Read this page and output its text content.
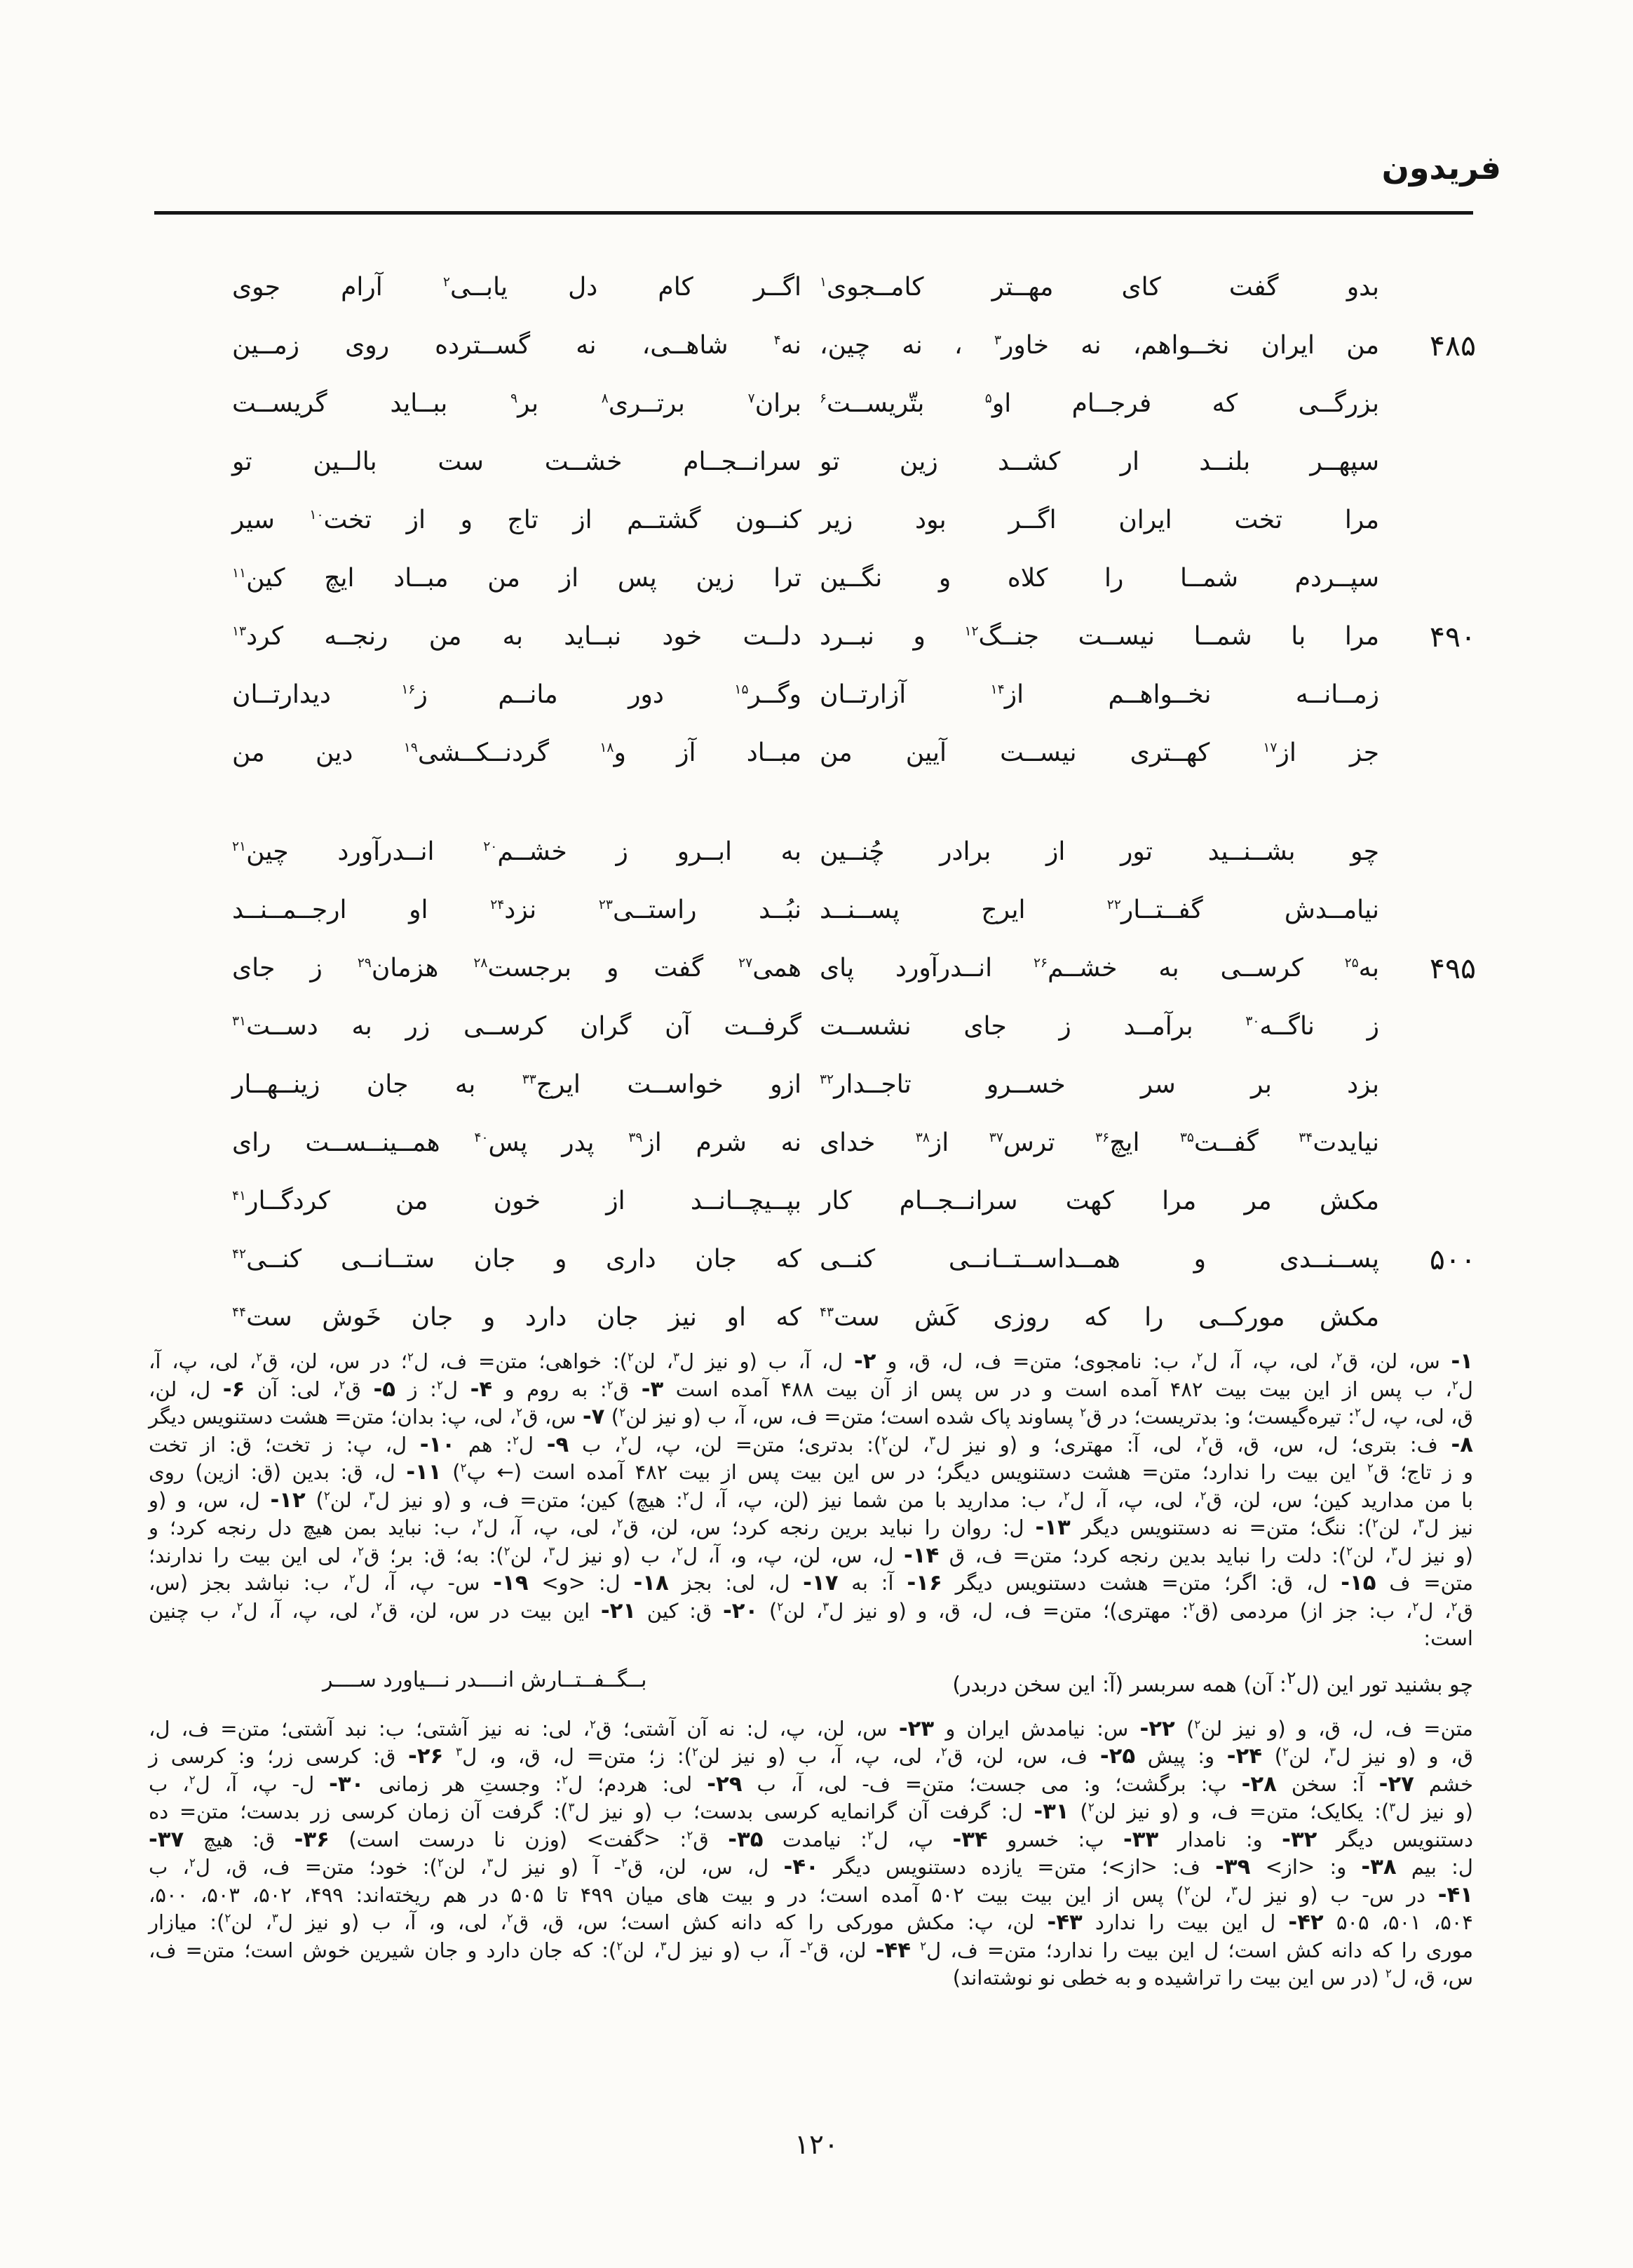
فریدون
بدو گفت کای مهــتر کامــجوی$^۱$
اگــر کام دل یابــی$^۲$ آرام جوی
۴۸۵
من ایران نخــواهم، نه خاور$^۳$ ، نه چین،
نه$^۴$ شاهــی، نه گســترده روی زمــین
بزرگــی که فرجــام او$^۵$ بتّریســت$^۶$
بران$^۷$ برتــری$^۸$ بر$^۹$ ببــاید گریســت
سپهــر بلنــد ار کشــد زین تو
سرانــجــام خشــت ست بالــین تو
مرا تخت ایران اگــر بود زیر
کنــون گشتــم از تاج و از تخت$^{۱۰}$ سیر
سپــردم شمــا را کلاه و نگــین
ترا زین پس از من مبــاد ایچ کین$^{۱۱}$
۴۹۰
مرا با شمــا نیســت جنــگ$^{۱۲}$ و نبــرد
دلــت خود نبــاید به من رنجــه کرد$^{۱۳}$
زمــانــه نخــواهــم از$^{۱۴}$ آزارتــان
وگــر$^{۱۵}$ دور مانــم ز$^{۱۶}$ دیدارتــان
جز از$^{۱۷}$ کهــتری نیســت آیین من
مبــاد آز و$^{۱۸}$ گردنــکــشی$^{۱۹}$ دین من
چو بشــنــید تور از برادر چُنــین
به ابــرو ز خشــم$^{۲۰}$ انــدرآورد چین$^{۲۱}$
نیامــدش گفــتــار$^{۲۲}$ ایرج پســنــد
نبُــد راستــی$^{۲۳}$ نزد$^{۲۴}$ او ارجــمــنــد
۴۹۵
به$^{۲۵}$ کرســی به خشــم$^{۲۶}$ انــدرآورد پای
همی$^{۲۷}$ گفت و برجست$^{۲۸}$ هزمان$^{۲۹}$ ز جای
ز ناگــه$^{۳۰}$ برآمــد ز جای نشســت
گرفــت آن گران کرســی زر به دســت$^{۳۱}$
بزد بر سر خســرو تاجــدار$^{۳۲}$
ازو خواســت ایرج$^{۳۳}$ به جان زینــهــار
نیایدت$^{۳۴}$ گفــت$^{۳۵}$ ایچ$^{۳۶}$ ترس$^{۳۷}$ از$^{۳۸}$ خدای
نه شرم از$^{۳۹}$ پدر پس$^{۴۰}$ همــینــســت رای
مکش مر مرا کهت سرانــجــام کار
بپــیچــانــد از خون من کردگــار$^{۴۱}$
۵۰۰
پســنــدی و همــداســتــانــی کنــی
که جان داری و جان ستــانــی کنــی$^{۴۲}$
مکش مورکــی را که روزی کَش ست$^{۴۳}$
که او نیز جان دارد و جان خَوش ست$^{۴۴}$
۱- س، لن، ق$^۲$، لی، پ، آ، ل$^۲$، ب: نامجوی؛ متن= ف، ل، ق، و ۲- ل، آ، ب (و نیز ل$^۳$، لن$^۲$): خواهی؛ متن= ف، ل$^۲$؛ در س، لن، ق$^۲$، لی، پ، آ،
ل$^۲$، ب پس از این بیت بیت ۴۸۲ آمده است و در س پس از آن بیت ۴۸۸ آمده است ۳- ق$^۲$: به روم و ۴- ل$^۲$: ز ۵- ق$^۲$، لی: آن ۶- ل، لن،
ق، لی، پ، ل$^۲$: تیره‌گیست؛ و: بدتریست؛ در ق$^۲$ پساوند پاک شده است؛ متن= ف، س، آ، ب (و نیز لن$^۲$) ۷- س، ق$^۲$، لی، پ: بدان؛ متن= هشت دستنویس دیگر
۸- ف: بتری؛ ل، س، ق، ق$^۲$، لی، آ: مهتری؛ و (و نیز ل$^۳$، لن$^۲$): بدتری؛ متن= لن، پ، ل$^۲$، ب ۹- ل$^۲$: هم ۱۰- ل، پ: ز تخت؛ ق: از تخت
و ز تاج؛ ق$^۲$ این بیت را ندارد؛ متن= هشت دستنویس دیگر؛ در س این بیت پس از بیت ۴۸۲ آمده است (← پ$^۲$) ۱۱- ل، ق: بدین (ق: ازین) روی
با من مدارید کین؛ س، لن، ق$^۲$، لی، پ، آ، ل$^۲$، ب: مدارید با من شما نیز (لن، پ، آ، ل$^۲$: هیچ) کین؛ متن= ف، و (و نیز ل$^۳$، لن$^۲$) ۱۲- ل، س، و (و
نیز ل$^۳$، لن$^۲$): ننگ؛ متن= نه دستنویس دیگر ۱۳- ل: روان را نباید برین رنجه کرد؛ س، لن، ق$^۲$، لی، پ، آ، ل$^۲$، ب: نباید بمن هیچ دل رنجه کرد؛ و
(و نیز ل$^۳$، لن$^۲$): دلت را نباید بدین رنجه کرد؛ متن= ف، ق ۱۴- ل، س، لن، پ، و، آ، ل$^۲$، ب (و نیز ل$^۳$، لن$^۲$): به؛ ق: بر؛ ق$^۲$، لی این بیت را ندارند؛
متن= ف ۱۵- ل، ق: اگر؛ متن= هشت دستنویس دیگر ۱۶- آ: به ۱۷- ل، لی: بجز ۱۸- ل: <و> ۱۹- س- پ، آ، ل$^۲$، ب: نباشد بجز (س،
ق$^۲$، ل$^۲$، ب: جز از) مردمی (ق$^۲$: مهتری)؛ متن= ف، ل، ق، و (و نیز ل$^۳$، لن$^۲$) ۲۰- ق: کین ۲۱- این بیت در س، لن، ق$^۲$، لی، پ، آ، ل$^۲$، ب چنین
است:
چو بشنید تور این (ل$^۲$: آن) همه سربسر (آ: این سخن دربدر)
بــگــفــتــارش انــــدر نـــیاورد ســــر
متن= ف، ل، ق، و (و نیز لن$^۲$) ۲۲- س: نیامدش ایران و ۲۳- س، لن، پ، ل: نه آن آشتی؛ ق$^۲$، لی: نه نیز آشتی؛ ب: نبد آشتی؛ متن= ف، ل،
ق، و (و نیز ل$^۳$، لن$^۲$) ۲۴- و: پیش ۲۵- ف، س، لن، ق$^۲$، لی، پ، آ، ب (و نیز لن$^۲$): ز؛ متن= ل، ق، و، ل$^۳$ ۲۶- ق: کرسی زر؛ و: کرسی ز
خشم ۲۷- آ: سخن ۲۸- پ: برگشت؛ و: می جست؛ متن= ف- لی، آ، ب ۲۹- لی: هردم؛ ل$^۲$: وجستِ هر زمانی ۳۰- ل- پ، آ، ل$^۲$، ب
(و نیز ل$^۳$): یکایک؛ متن= ف، و (و نیز لن$^۲$) ۳۱- ل: گرفت آن گرانمایه کرسی بدست؛ ب (و نیز ل$^۳$): گرفت آن زمان کرسی زر بدست؛ متن= ده
دستنویس دیگر ۳۲- و: نامدار ۳۳- پ: خسرو ۳۴- پ، ل$^۲$: نیامدت ۳۵- ق$^۲$: <گفت> (وزن نا درست است) ۳۶- ق: هیچ ۳۷-
ل: بیم ۳۸- و: <از> ۳۹- ف: <از>؛ متن= یازده دستنویس دیگر ۴۰- ل، س، لن، ق$^۲$- آ (و نیز ل$^۳$، لن$^۲$): خود؛ متن= ف، ق، ل$^۲$، ب
۴۱- در س- ب (و نیز ل$^۳$، لن$^۲$) پس از این بیت بیت ۵۰۲ آمده است؛ در و بیت های میان ۴۹۹ تا ۵۰۵ در هم ریخته‌اند: ۴۹۹، ۵۰۲، ۵۰۳، ۵۰۰،
۵۰۴، ۵۰۱، ۵۰۵ ۴۲- ل این بیت را ندارد ۴۳- لن، پ: مکش مورکی را که دانه کش است؛ س، ق، ق$^۲$، لی، و، آ، ب (و نیز ل$^۳$، لن$^۲$): میازار
موری را که دانه کش است؛ ل این بیت را ندارد؛ متن= ف، ل$^۲$ ۴۴- لن، ق$^۲$- آ، ب (و نیز ل$^۳$، لن$^۲$): که جان دارد و جان شیرین خوش است؛ متن= ف،
س، ق، ل$^۲$ (در س این بیت را تراشیده و به خطی نو نوشته‌اند)
۱۲۰
